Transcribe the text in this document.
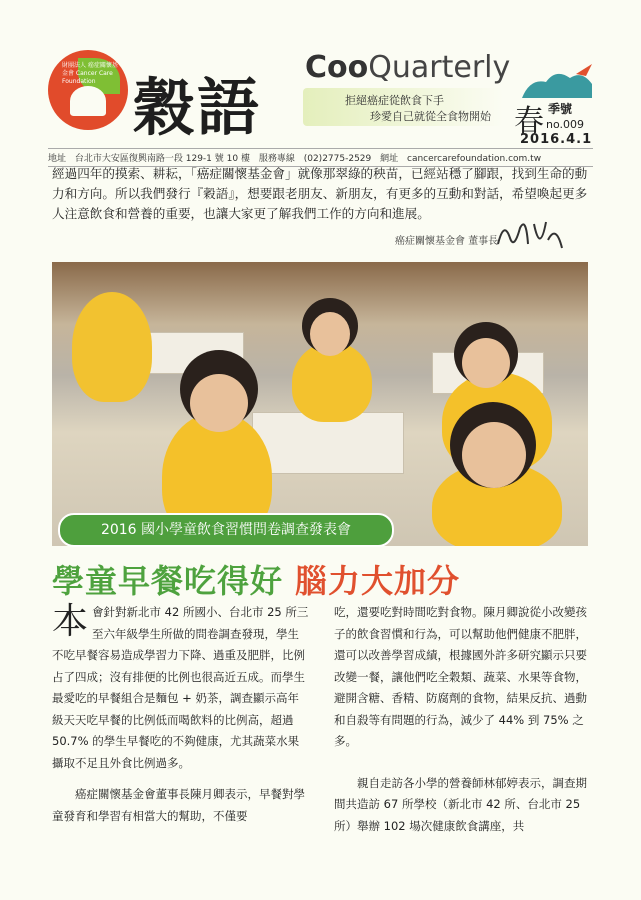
財團法人 癌症關懷基金會 Cancer Care Foundation 穀語
CooQuarterly
拒絕癌症從飲食下手
珍愛自己就從全食物開始 春 季號
no.009
2016.4.1
地址 台北市大安區復興南路一段 129-1 號 10 樓 服務專線 (02)2775-2529 網址 cancercarefoundation.com.tw
經過四年的摸索、耕耘，「癌症關懷基金會」就像那翠綠的秧苗，已經站穩了腳跟，找到生命的動力和方向。所以我們發行『穀語』，想要跟老朋友、新朋友，有更多的互動和對話，希望喚起更多人注意飲食和營養的重要，也讓大家更了解我們工作的方向和進展。
癌症關懷基金會 董事長
2016 國小學童飲食習慣問卷調查發表會
學童早餐吃得好 腦力大加分

本會針對新北市 42 所國小、台北市 25 所三至六年級學生所做的問卷調查發現，學生不吃早餐容易造成學習力下降、過重及肥胖，比例占了四成；沒有排便的比例也很高近五成。而學生最愛吃的早餐組合是麵包 + 奶茶，調查顯示高年級天天吃早餐的比例低而喝飲料的比例高，超過 50.7% 的學生早餐吃的不夠健康，尤其蔬菜水果攝取不足且外食比例過多。

癌症關懷基金會董事長陳月卿表示，早餐對學童發育和學習有相當大的幫助，不僅要

吃，還要吃對時間吃對食物。陳月卿說從小改變孩子的飲食習慣和行為，可以幫助他們健康不肥胖，還可以改善學習成績，根據國外許多研究顯示只要改變一餐，讓他們吃全穀類、蔬菜、水果等食物，避開含糖、香精、防腐劑的食物，結果反抗、過動和自殺等有問題的行為，減少了 44% 到 75% 之多。

親自走訪各小學的營養師林郁婷表示，調查期間共造訪 67 所學校（新北市 42 所、台北市 25 所）舉辦 102 場次健康飲食講座，共
